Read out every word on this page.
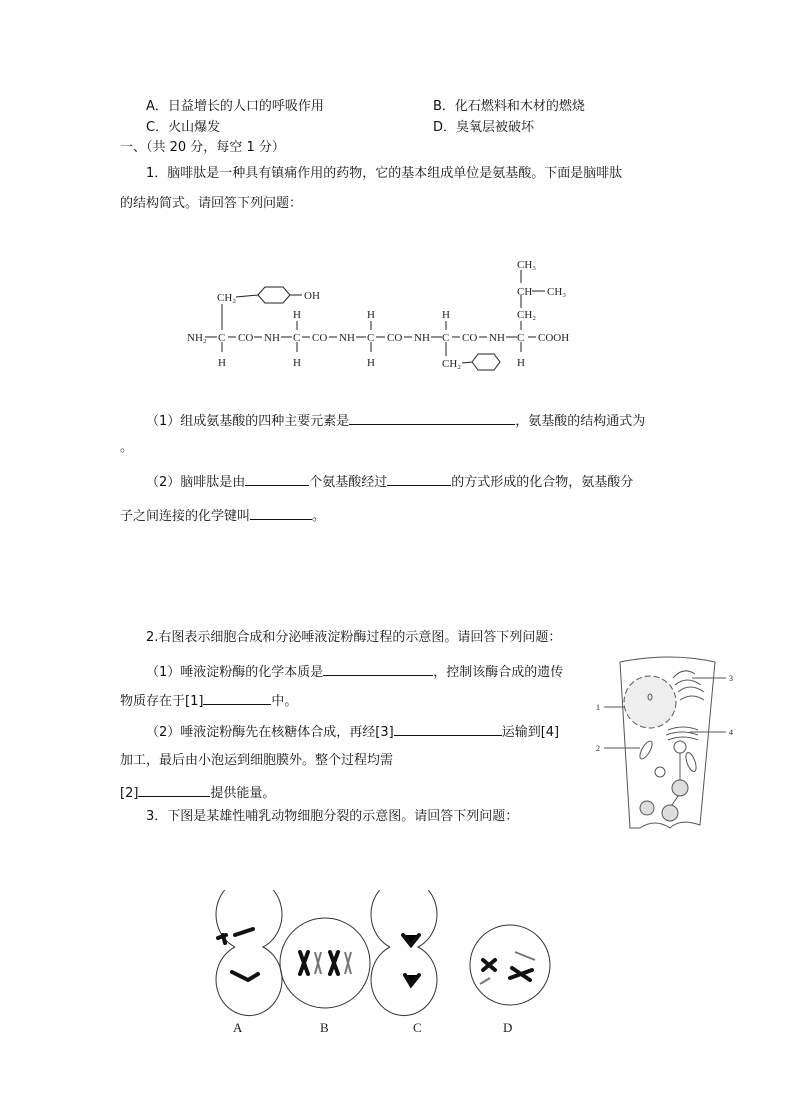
A．日益增长的人口的呼吸作用	B．化石燃料和木材的燃烧
C．火山爆发	D．臭氧层被破坏
一、（共 20 分，每空 1 分）
1．脑啡肽是一种具有镇痛作用的药物，它的基本组成单位是氨基酸。下面是脑啡肽
的结构简式。请回答下列问题：
NH₂ C CO NH C CO NH C CO NH C CO NH C COOH
H
H
H
H
H
H	CH₂
H
CH₂	OH
CH₂
CH₃
CH CH₃
（1）组成氨基酸的四种主要元素是	，氨基酸的结构通式为
。
（2）脑啡肽是由	个氨基酸经过	的方式形成的化合物，氨基酸分
子之间连接的化学键叫	。
2.右图表示细胞合成和分泌唾液淀粉酶过程的示意图。请回答下列问题：
（1）唾液淀粉酶的化学本质是	，控制该酶合成的遗传
物质存在于[1]	中。
（2）唾液淀粉酶先在核糖体合成，再经[3]	运输到[4]
加工，最后由小泡运到细胞膜外。整个过程均需
[2]	提供能量。
1
2
3
4
3．下图是某雄性哺乳动物细胞分裂的示意图。请回答下列问题：
A	B	C	D
